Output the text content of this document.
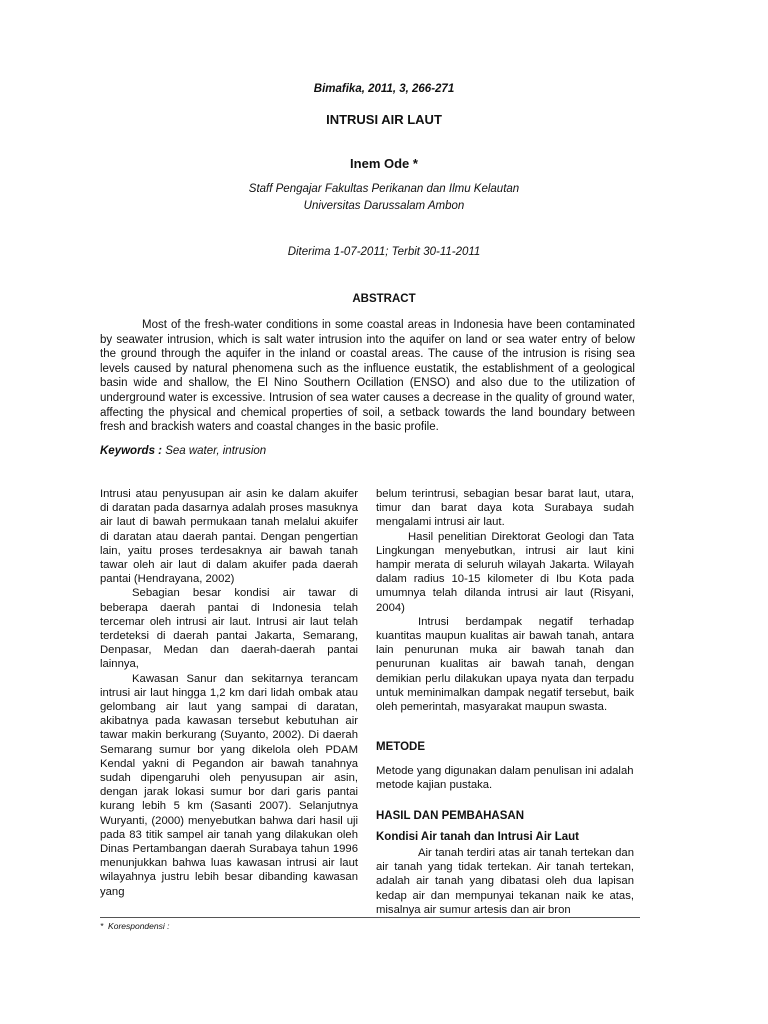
Bimafika, 2011, 3, 266-271

INTRUSI AIR LAUT

Inem Ode *

Staff Pengajar Fakultas Perikanan dan Ilmu Kelautan

Universitas Darussalam Ambon

Diterima 1-07-2011; Terbit 30-11-2011

ABSTRACT

Most of the fresh-water conditions in some coastal areas in Indonesia have been contaminated by seawater intrusion, which is salt water intrusion into the aquifer on land or sea water entry of below the ground through the aquifer in the inland or coastal areas. The cause of the intrusion is rising sea levels caused by natural phenomena such as the influence eustatik, the establishment of a geological basin wide and shallow, the El Nino Southern Ocillation (ENSO) and also due to the utilization of underground water is excessive. Intrusion of sea water causes a decrease in the quality of ground water, affecting the physical and chemical properties of soil, a setback towards the land boundary between fresh and brackish waters and coastal changes in the basic profile.

Keywords : Sea water, intrusion

Intrusi atau penyusupan air asin ke dalam akuifer di daratan pada dasarnya adalah proses masuknya air laut di bawah permukaan tanah melalui akuifer di daratan atau daerah pantai. Dengan pengertian lain, yaitu proses terdesaknya air bawah tanah tawar oleh air laut di dalam akuifer pada daerah pantai (Hendrayana, 2002)

Sebagian besar kondisi air tawar di beberapa daerah pantai di Indonesia telah tercemar oleh intrusi air laut. Intrusi air laut telah terdeteksi di daerah pantai Jakarta, Semarang, Denpasar, Medan dan daerah-daerah pantai lainnya,

Kawasan Sanur dan sekitarnya terancam intrusi air laut hingga 1,2 km dari lidah ombak atau gelombang air laut yang sampai di daratan, akibatnya pada kawasan tersebut kebutuhan air tawar makin berkurang (Suyanto, 2002). Di daerah Semarang sumur bor yang dikelola oleh PDAM Kendal yakni di Pegandon air bawah tanahnya sudah dipengaruhi oleh penyusupan air asin, dengan jarak lokasi sumur bor dari garis pantai kurang lebih 5 km (Sasanti 2007). Selanjutnya Wuryanti, (2000) menyebutkan bahwa dari hasil uji pada 83 titik sampel air tanah yang dilakukan oleh Dinas Pertambangan daerah Surabaya tahun 1996 menunjukkan bahwa luas kawasan intrusi air laut wilayahnya justru lebih besar dibanding kawasan yang

belum terintrusi, sebagian besar barat laut, utara, timur dan barat daya kota Surabaya sudah mengalami intrusi air laut.

Hasil penelitian Direktorat Geologi dan Tata Lingkungan menyebutkan, intrusi air laut kini hampir merata di seluruh wilayah Jakarta. Wilayah dalam radius 10-15 kilometer di Ibu Kota pada umumnya telah dilanda intrusi air laut (Risyani, 2004)

Intrusi berdampak negatif terhadap kuantitas maupun kualitas air bawah tanah, antara lain penurunan muka air bawah tanah dan penurunan kualitas air bawah tanah, dengan demikian perlu dilakukan upaya nyata dan terpadu untuk meminimalkan dampak negatif tersebut, baik oleh pemerintah, masyarakat maupun swasta.

METODE

Metode yang digunakan dalam penulisan ini adalah metode kajian pustaka.

HASIL DAN PEMBAHASAN

Kondisi Air tanah dan Intrusi Air Laut

Air tanah terdiri atas air tanah tertekan dan air tanah yang tidak tertekan. Air tanah tertekan, adalah air tanah yang dibatasi oleh dua lapisan kedap air dan mempunyai tekanan naik ke atas, misalnya air sumur artesis dan air bron

* Korespondensi :
